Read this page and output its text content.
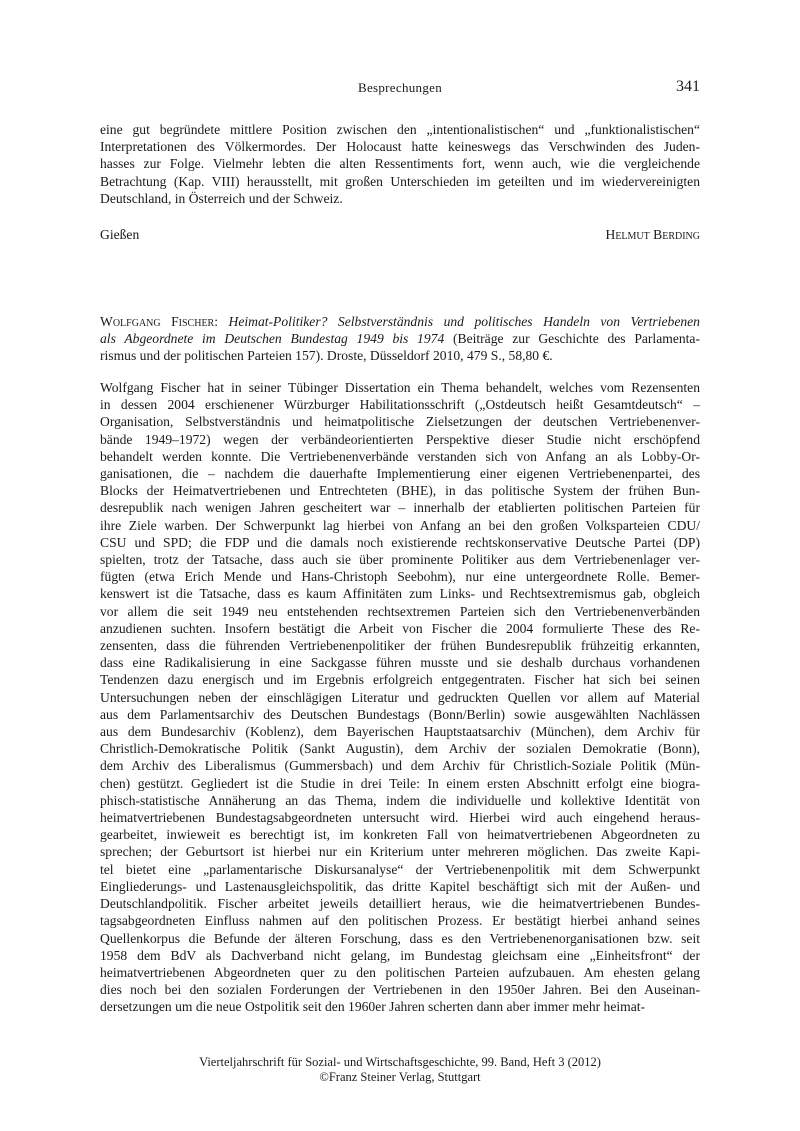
Besprechungen	341
eine gut begründete mittlere Position zwischen den „intentionalistischen“ und „funktionalistischen“
Interpretationen des Völkermordes. Der Holocaust hatte keineswegs das Verschwinden des Juden-
hasses zur Folge. Vielmehr lebten die alten Ressentiments fort, wenn auch, wie die vergleichende
Betrachtung (Kap. VIII) herausstellt, mit großen Unterschieden im geteilten und im wiedervereinigten
Deutschland, in Österreich und der Schweiz.
Gießen	Helmut Berding
Wolfgang Fischer: Heimat-Politiker? Selbstverständnis und politisches Handeln von Vertriebenen
als Abgeordnete im Deutschen Bundestag 1949 bis 1974 (Beiträge zur Geschichte des Parlamenta-
rismus und der politischen Parteien 157). Droste, Düsseldorf 2010, 479 S., 58,80 €.
Wolfgang Fischer hat in seiner Tübinger Dissertation ein Thema behandelt, welches vom Rezensenten
in dessen 2004 erschienener Würzburger Habilitationsschrift („Ostdeutsch heißt Gesamtdeutsch“ –
Organisation, Selbstverständnis und heimatpolitische Zielsetzungen der deutschen Vertriebenenver-
bände 1949–1972) wegen der verbändeorientierten Perspektive dieser Studie nicht erschöpfend
behandelt werden konnte. Die Vertriebenenverbände verstanden sich von Anfang an als Lobby-Or-
ganisationen, die – nachdem die dauerhafte Implementierung einer eigenen Vertriebenenpartei, des
Blocks der Heimatvertriebenen und Entrechteten (BHE), in das politische System der frühen Bun-
desrepublik nach wenigen Jahren gescheitert war – innerhalb der etablierten politischen Parteien für
ihre Ziele warben. Der Schwerpunkt lag hierbei von Anfang an bei den großen Volksparteien CDU/
CSU und SPD; die FDP und die damals noch existierende rechtskonservative Deutsche Partei (DP)
spielten, trotz der Tatsache, dass auch sie über prominente Politiker aus dem Vertriebenenlager ver-
fügten (etwa Erich Mende und Hans-Christoph Seebohm), nur eine untergeordnete Rolle. Bemer-
kenswert ist die Tatsache, dass es kaum Affinitäten zum Links- und Rechtsextremismus gab, obgleich
vor allem die seit 1949 neu entstehenden rechtsextremen Parteien sich den Vertriebenenverbänden
anzudienen suchten. Insofern bestätigt die Arbeit von Fischer die 2004 formulierte These des Re-
zensenten, dass die führenden Vertriebenenpolitiker der frühen Bundesrepublik frühzeitig erkannten,
dass eine Radikalisierung in eine Sackgasse führen musste und sie deshalb durchaus vorhandenen
Tendenzen dazu energisch und im Ergebnis erfolgreich entgegentraten. Fischer hat sich bei seinen
Untersuchungen neben der einschlägigen Literatur und gedruckten Quellen vor allem auf Material
aus dem Parlamentsarchiv des Deutschen Bundestags (Bonn/Berlin) sowie ausgewählten Nachlässen
aus dem Bundesarchiv (Koblenz), dem Bayerischen Hauptstaatsarchiv (München), dem Archiv für
Christlich-Demokratische Politik (Sankt Augustin), dem Archiv der sozialen Demokratie (Bonn),
dem Archiv des Liberalismus (Gummersbach) und dem Archiv für Christlich-Soziale Politik (Mün-
chen) gestützt. Gegliedert ist die Studie in drei Teile: In einem ersten Abschnitt erfolgt eine biogra-
phisch-statistische Annäherung an das Thema, indem die individuelle und kollektive Identität von
heimatvertriebenen Bundestagsabgeordneten untersucht wird. Hierbei wird auch eingehend heraus-
gearbeitet, inwieweit es berechtigt ist, im konkreten Fall von heimatvertriebenen Abgeordneten zu
sprechen; der Geburtsort ist hierbei nur ein Kriterium unter mehreren möglichen. Das zweite Kapi-
tel bietet eine „parlamentarische Diskursanalyse“ der Vertriebenenpolitik mit dem Schwerpunkt
Eingliederungs- und Lastenausgleichspolitik, das dritte Kapitel beschäftigt sich mit der Außen- und
Deutschlandpolitik. Fischer arbeitet jeweils detailliert heraus, wie die heimatvertriebenen Bundes-
tagsabgeordneten Einfluss nahmen auf den politischen Prozess. Er bestätigt hierbei anhand seines
Quellenkorpus die Befunde der älteren Forschung, dass es den Vertriebenenorganisationen bzw. seit
1958 dem BdV als Dachverband nicht gelang, im Bundestag gleichsam eine „Einheitsfront“ der
heimatvertriebenen Abgeordneten quer zu den politischen Parteien aufzubauen. Am ehesten gelang
dies noch bei den sozialen Forderungen der Vertriebenen in den 1950er Jahren. Bei den Auseinan-
dersetzungen um die neue Ostpolitik seit den 1960er Jahren scherten dann aber immer mehr heimat-
Vierteljahrschrift für Sozial- und Wirtschaftsgeschichte, 99. Band, Heft 3 (2012)
©Franz Steiner Verlag, Stuttgart
